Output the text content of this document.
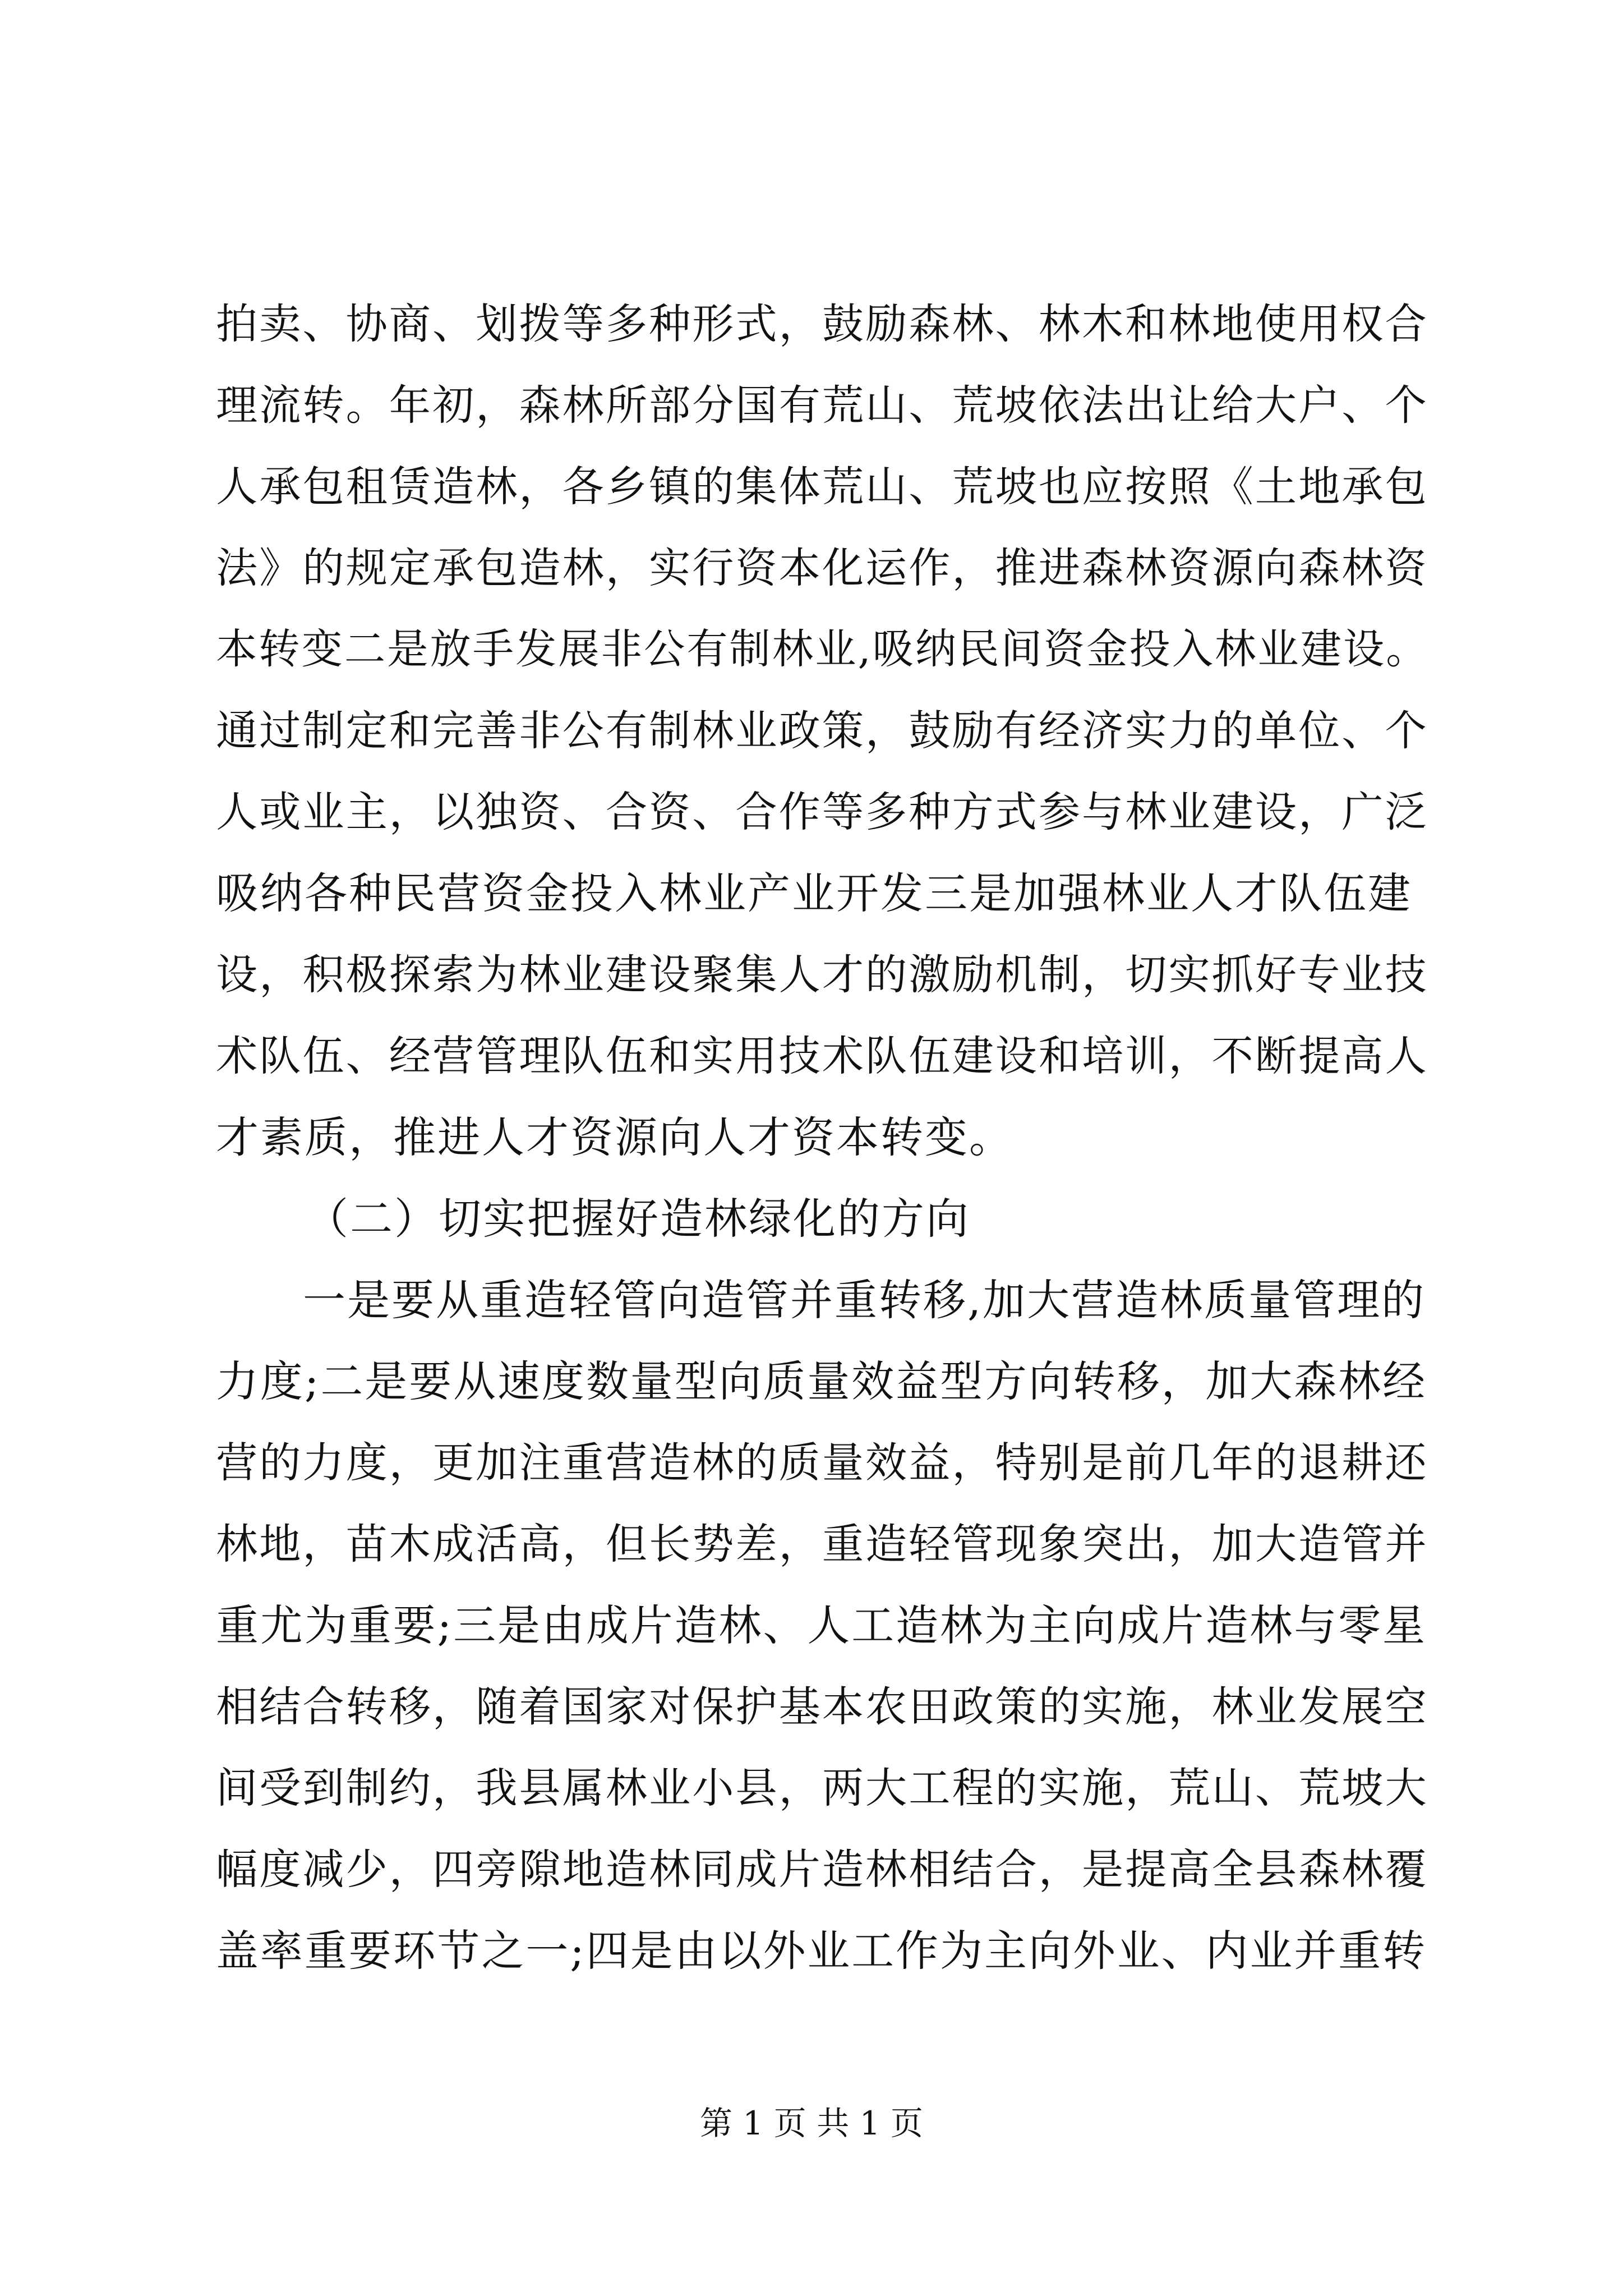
拍卖、协商、划拨等多种形式，鼓励森林、林木和林地使用权合
理流转。年初，森林所部分国有荒山、荒坡依法出让给大户、个
人承包租赁造林，各乡镇的集体荒山、荒坡也应按照《土地承包
法》的规定承包造林，实行资本化运作，推进森林资源向森林资
本转变二是放手发展非公有制林业,吸纳民间资金投入林业建设。
通过制定和完善非公有制林业政策，鼓励有经济实力的单位、个
人或业主，以独资、合资、合作等多种方式参与林业建设，广泛
吸纳各种民营资金投入林业产业开发三是加强林业人才队伍建
设，积极探索为林业建设聚集人才的激励机制，切实抓好专业技
术队伍、经营管理队伍和实用技术队伍建设和培训，不断提高人
才素质，推进人才资源向人才资本转变。
（二）切实把握好造林绿化的方向
一是要从重造轻管向造管并重转移,加大营造林质量管理的
力度;二是要从速度数量型向质量效益型方向转移，加大森林经
营的力度，更加注重营造林的质量效益，特别是前几年的退耕还
林地，苗木成活高，但长势差，重造轻管现象突出，加大造管并
重尤为重要;三是由成片造林、人工造林为主向成片造林与零星
相结合转移，随着国家对保护基本农田政策的实施，林业发展空
间受到制约，我县属林业小县，两大工程的实施，荒山、荒坡大
幅度减少，四旁隙地造林同成片造林相结合，是提高全县森林覆
盖率重要环节之一;四是由以外业工作为主向外业、内业并重转
第 1 页 共 1 页
